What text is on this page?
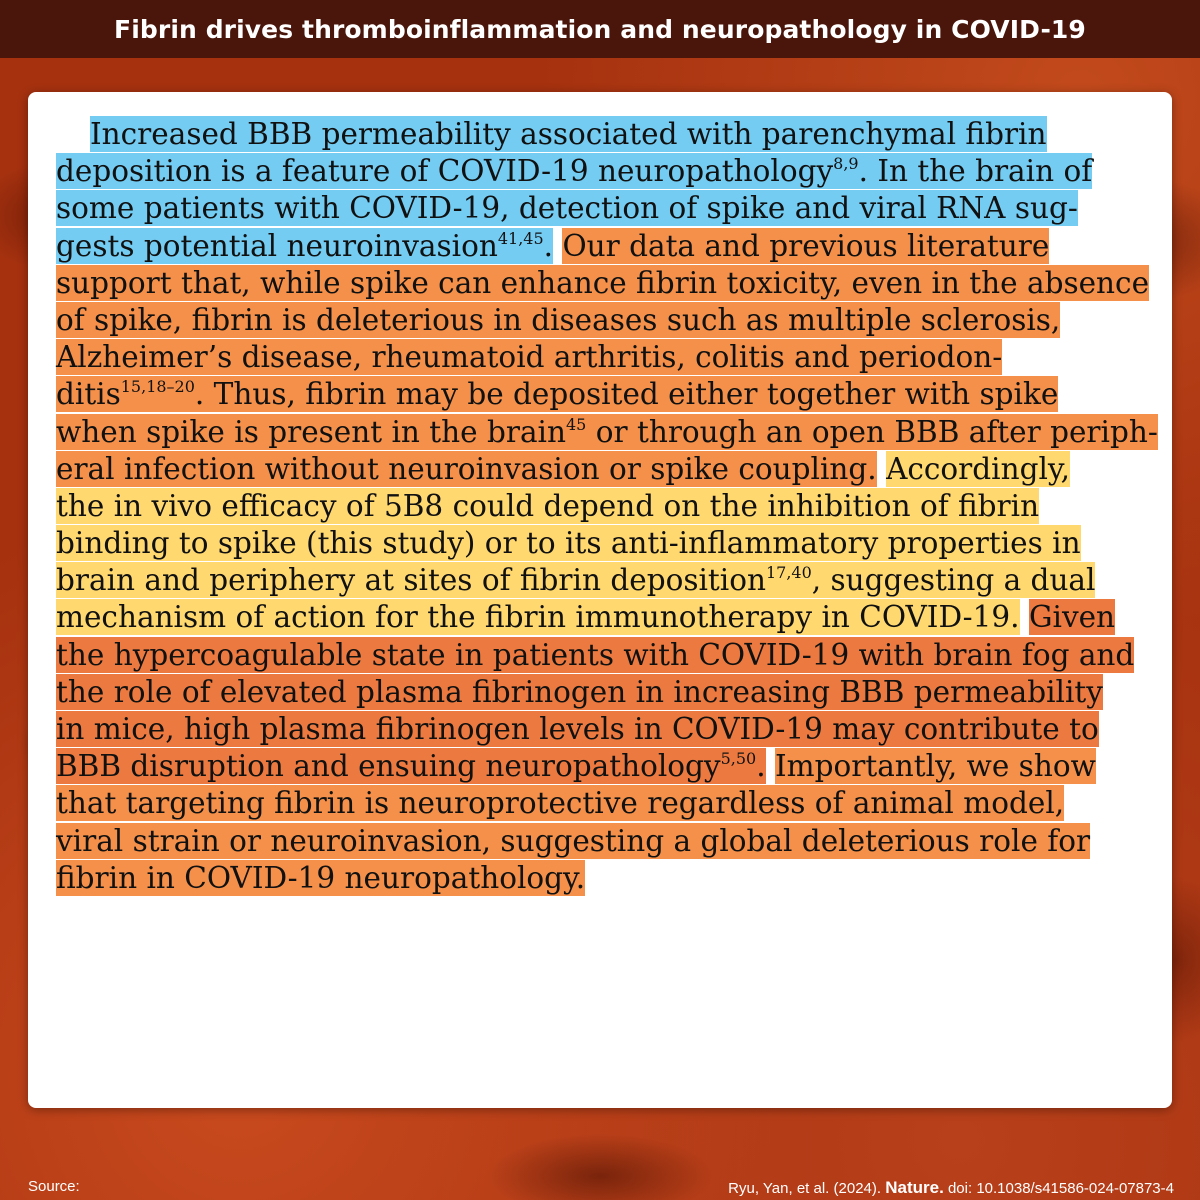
Fibrin drives thromboinflammation and neuropathology in COVID-19
Increased BBB permeability associated with parenchymal fibrin
deposition is a feature of COVID-19 neuropathology$^{8,9}$. In the brain of
some patients with COVID-19, detection of spike and viral RNA sug-
gests potential neuroinvasion$^{41,45}$. Our data and previous literature
support that, while spike can enhance fibrin toxicity, even in the absence
of spike, fibrin is deleterious in diseases such as multiple sclerosis,
Alzheimer’s disease, rheumatoid arthritis, colitis and periodon-
ditis$^{15,18-20}$. Thus, fibrin may be deposited either together with spike
when spike is present in the brain$^{45}$ or through an open BBB after periph-
eral infection without neuroinvasion or spike coupling. Accordingly,
the in vivo efficacy of 5B8 could depend on the inhibition of fibrin
binding to spike (this study) or to its anti-inflammatory properties in
brain and periphery at sites of fibrin deposition$^{17,40}$, suggesting a dual
mechanism of action for the fibrin immunotherapy in COVID-19. Given
the hypercoagulable state in patients with COVID-19 with brain fog and
the role of elevated plasma fibrinogen in increasing BBB permeability
in mice, high plasma fibrinogen levels in COVID-19 may contribute to
BBB disruption and ensuing neuropathology$^{5,50}$. Importantly, we show
that targeting fibrin is neuroprotective regardless of animal model,
viral strain or neuroinvasion, suggesting a global deleterious role for
fibrin in COVID-19 neuropathology.
Source:	Ryu, Yan, et al. (2024). Nature. doi: 10.1038/s41586-024-07873-4
